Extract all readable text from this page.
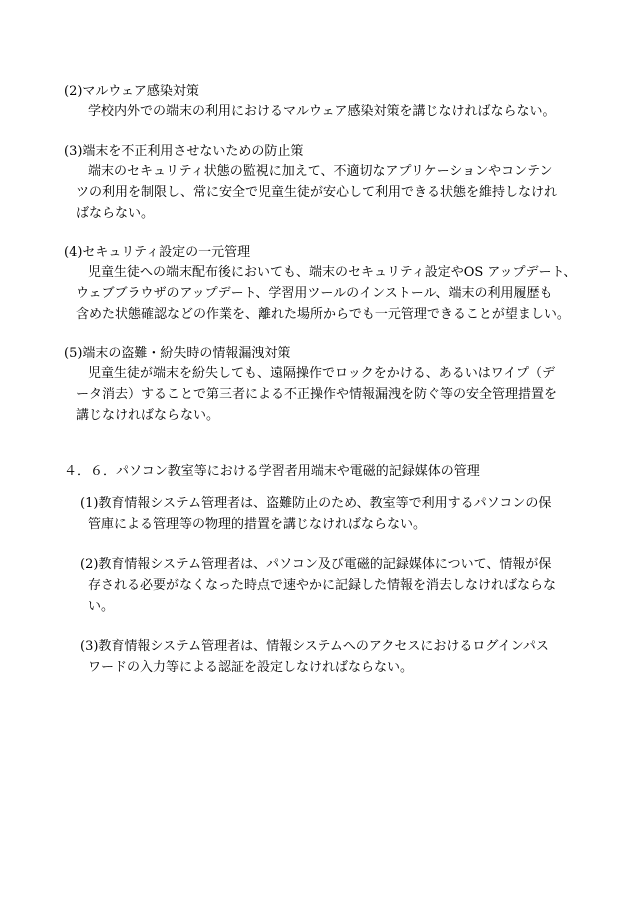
(2)マルウェア感染対策
学校内外での端末の利用におけるマルウェア感染対策を講じなければならない。
(3)端末を不正利用させないための防止策
端末のセキュリティ状態の監視に加えて、不適切なアプリケーションやコンテン
ツの利用を制限し、常に安全で児童生徒が安心して利用できる状態を維持しなけれ
ばならない。
(4)セキュリティ設定の一元管理
児童生徒への端末配布後においても、端末のセキュリティ設定やOS アップデート、
ウェブブラウザのアップデート、学習用ツールのインストール、端末の利用履歴も
含めた状態確認などの作業を、離れた場所からでも一元管理できることが望ましい。
(5)端末の盗難・紛失時の情報漏洩対策
児童生徒が端末を紛失しても、遠隔操作でロックをかける、あるいはワイプ（デ
ータ消去）することで第三者による不正操作や情報漏洩を防ぐ等の安全管理措置を
講じなければならない。
４．６．パソコン教室等における学習者用端末や電磁的記録媒体の管理
(1)教育情報システム管理者は、盗難防止のため、教室等で利用するパソコンの保
管庫による管理等の物理的措置を講じなければならない。
(2)教育情報システム管理者は、パソコン及び電磁的記録媒体について、情報が保
存される必要がなくなった時点で速やかに記録した情報を消去しなければならな
い。
(3)教育情報システム管理者は、情報システムへのアクセスにおけるログインパス
ワードの入力等による認証を設定しなければならない。
